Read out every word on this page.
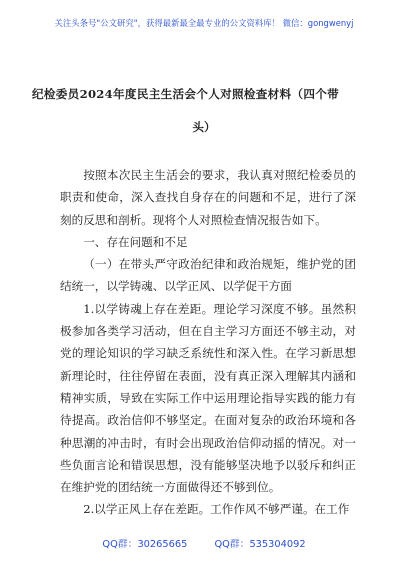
关注头条号"公文研究"，获得最新最全最专业的公文资料库！ 微信：gongwenyj
纪检委员2024年度民主生活会个人对照检查材料（四个带
头）

按照本次民主生活会的要求，我认真对照纪检委员的职责和使命，深入查找自身存在的问题和不足，进行了深刻的反思和剖析。现将个人对照检查情况报告如下。

一、存在问题和不足

（一）在带头严守政治纪律和政治规矩，维护党的团结统一，以学铸魂、以学正风、以学促干方面

1.以学铸魂上存在差距。理论学习深度不够。虽然积极参加各类学习活动，但在自主学习方面还不够主动，对党的理论知识的学习缺乏系统性和深入性。在学习新思想新理论时，往往停留在表面，没有真正深入理解其内涵和精神实质，导致在实际工作中运用理论指导实践的能力有待提高。政治信仰不够坚定。在面对复杂的政治环境和各种思潮的冲击时，有时会出现政治信仰动摇的情况。对一些负面言论和错误思想，没有能够坚决地予以驳斥和纠正在维护党的团结统一方面做得还不够到位。

2.以学正风上存在差距。工作作风不够严谨。在工作

QQ群：30265665	QQ群：535304092
